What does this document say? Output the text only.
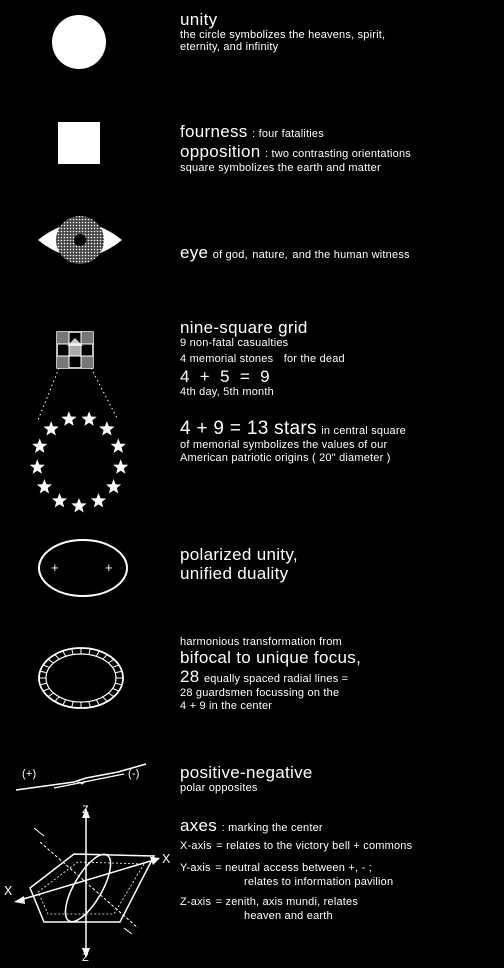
+	+
(+)	(-)
Z
Z
X
X
unity
the circle symbolizes the heavens, spirit,
eternity, and infinity
fourness : four fatalities
opposition : two contrasting orientations
square symbolizes the earth and matter
eye of god, nature, and the human witness
nine-square grid
9 non-fatal casualties
4 memorial stones for the dead
4  +  5  =  9
4th day, 5th month
4 + 9 = 13 stars in central square
of memorial symbolizes the values of our
American patriotic origins ( 20" diameter )
polarized unity,
unified duality
harmonious transformation from
bifocal to unique focus,
28 equally spaced radial lines =
28 guardsmen focussing on the
4 + 9 in the center
positive-negative
polar opposites
axes : marking the center
X-axis = relates to the victory bell + commons
Y-axis = neutral access between +, - ;
relates to information pavilion
Z-axis = zenith, axis mundi, relates
heaven and earth
